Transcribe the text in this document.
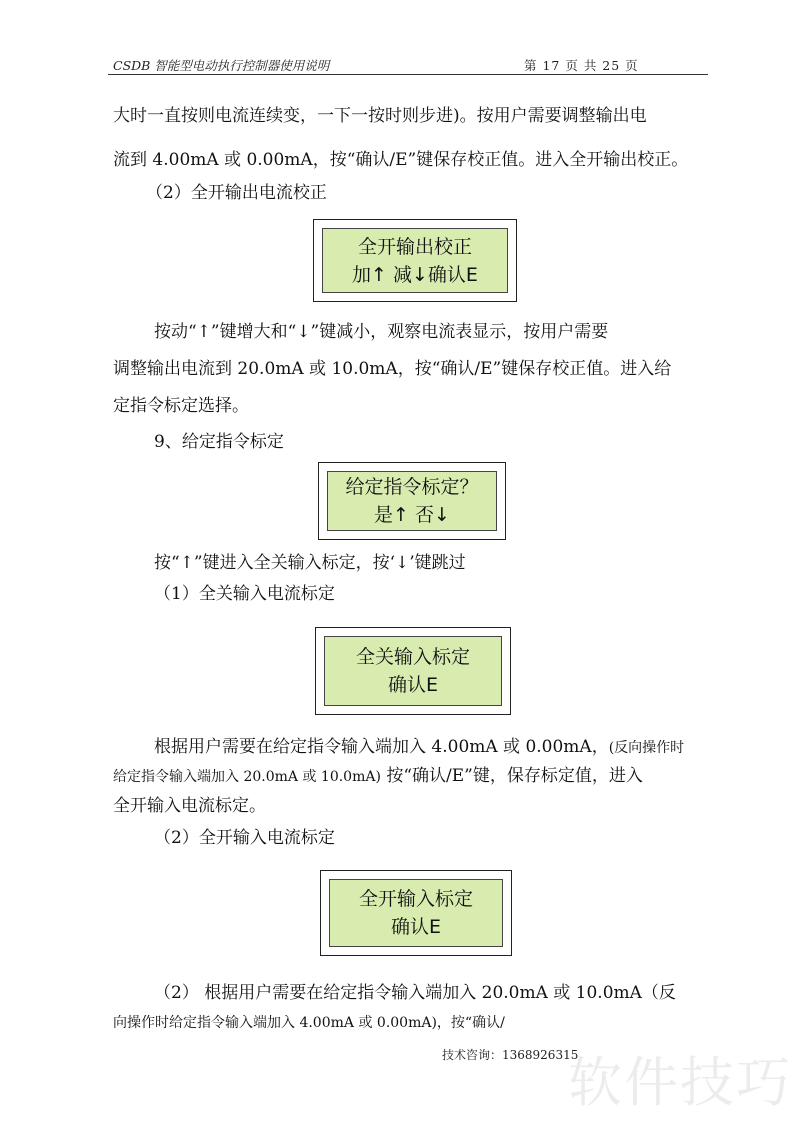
CSDB 智能型电动执行控制器使用说明	第 17 页 共 25 页
大时一直按则电流连续变，一下一按时则步进)。按用户需要调整输出电
流到 4.00mA 或 0.00mA，按“确认/E”键保存校正值。进入全开输出校正。
（2）全开输出电流校正
全开输出校正
加↑ 减↓确认E
按动“↑”键增大和“↓”键减小，观察电流表显示，按用户需要
调整输出电流到 20.0mA 或 10.0mA，按“确认/E”键保存校正值。进入给
定指令标定选择。
9、给定指令标定
给定指令标定？
是↑ 否↓
按“↑”键进入全关输入标定，按‘↓’键跳过
（1）全关输入电流标定
全关输入标定
确认E
根据用户需要在给定指令输入端加入 4.00mA 或 0.00mA，(反向操作时
给定指令输入端加入 20.0mA 或 10.0mA) 按“确认/E”键，保存标定值，进入
全开输入电流标定。
（2）全开输入电流标定
全开输入标定
确认E
（2） 根据用户需要在给定指令输入端加入 20.0mA 或 10.0mA（反
向操作时给定指令输入端加入 4.00mA 或 0.00mA)，按“确认/
技术咨询：1368926315
软件技巧
